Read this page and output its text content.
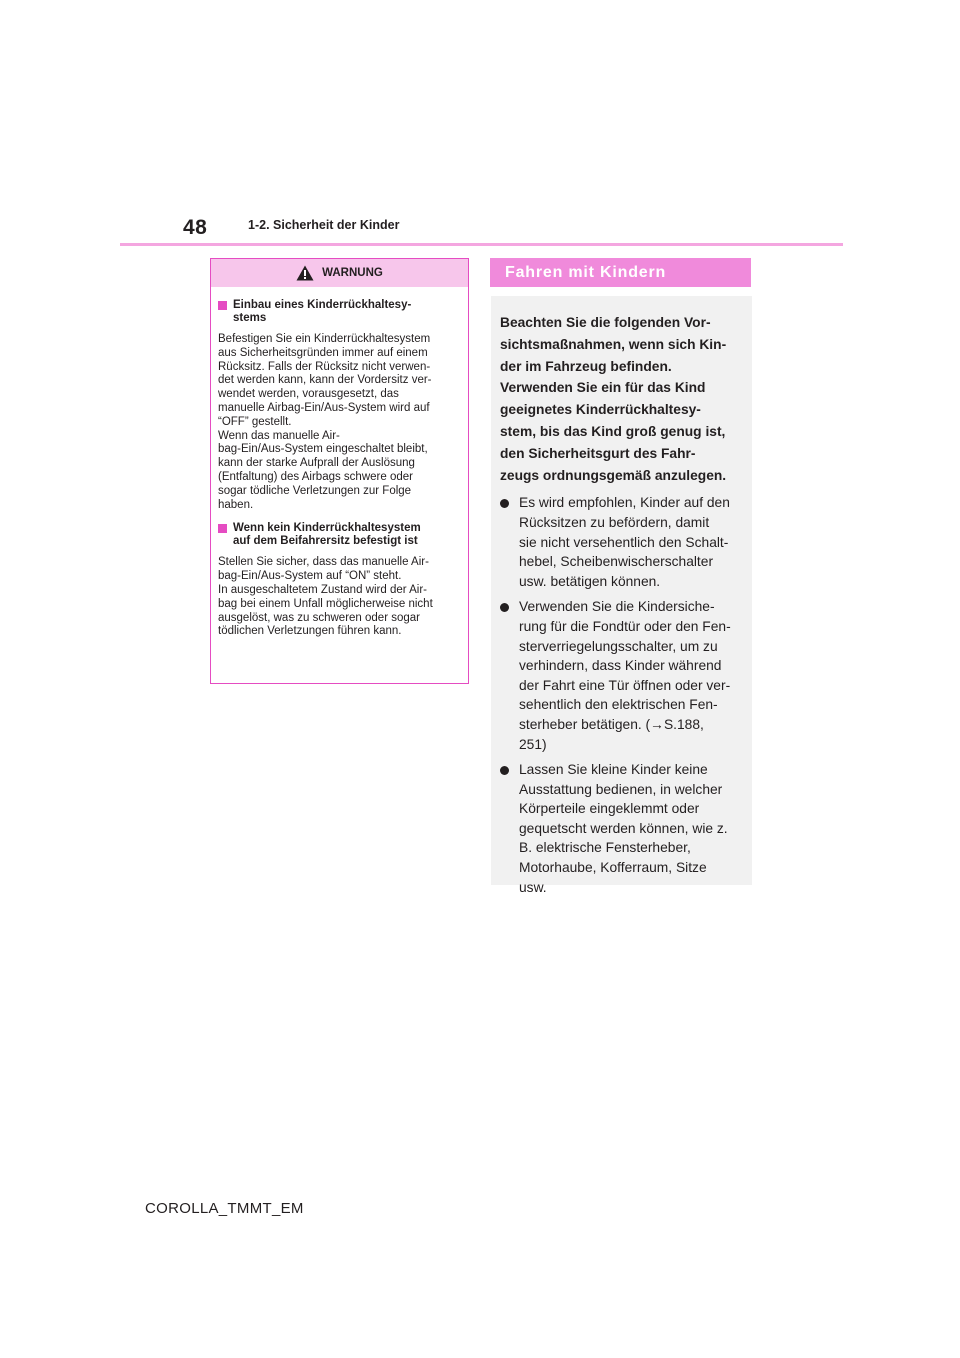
48	1-2. Sicherheit der Kinder
WARNUNG
Einbau eines Kinderrückhaltesy-
stems

Befestigen Sie ein Kinderrückhaltesystem
aus Sicherheitsgründen immer auf einem
Rücksitz. Falls der Rücksitz nicht verwen-
det werden kann, kann der Vordersitz ver-
wendet werden, vorausgesetzt, das
manuelle Airbag-Ein/Aus-System wird auf
“OFF” gestellt.
Wenn das manuelle Air-
bag-Ein/Aus-System eingeschaltet bleibt,
kann der starke Aufprall der Auslösung
(Entfaltung) des Airbags schwere oder
sogar tödliche Verletzungen zur Folge
haben.

Wenn kein Kinderrückhaltesystem
auf dem Beifahrersitz befestigt ist

Stellen Sie sicher, dass das manuelle Air-
bag-Ein/Aus-System auf “ON” steht.
In ausgeschaltetem Zustand wird der Air-
bag bei einem Unfall möglicherweise nicht
ausgelöst, was zu schweren oder sogar
tödlichen Verletzungen führen kann.

Fahren mit Kindern
Beachten Sie die folgenden Vor-
sichtsmaßnahmen, wenn sich Kin-
der im Fahrzeug befinden.
Verwenden Sie ein für das Kind
geeignetes Kinderrückhaltesy-
stem, bis das Kind groß genug ist,
den Sicherheitsgurt des Fahr-
zeugs ordnungsgemäß anzulegen.
Es wird empfohlen, Kinder auf den
Rücksitzen zu befördern, damit
sie nicht versehentlich den Schalt-
hebel, Scheibenwischerschalter
usw. betätigen können.
Verwenden Sie die Kindersiche-
rung für die Fondtür oder den Fen-
sterverriegelungsschalter, um zu
verhindern, dass Kinder während
der Fahrt eine Tür öffnen oder ver-
sehentlich den elektrischen Fen-
sterheber betätigen. (→S.188,
251)
Lassen Sie kleine Kinder keine
Ausstattung bedienen, in welcher
Körperteile eingeklemmt oder
gequetscht werden können, wie z.
B. elektrische Fensterheber,
Motorhaube, Kofferraum, Sitze
usw.
COROLLA_TMMT_EM
